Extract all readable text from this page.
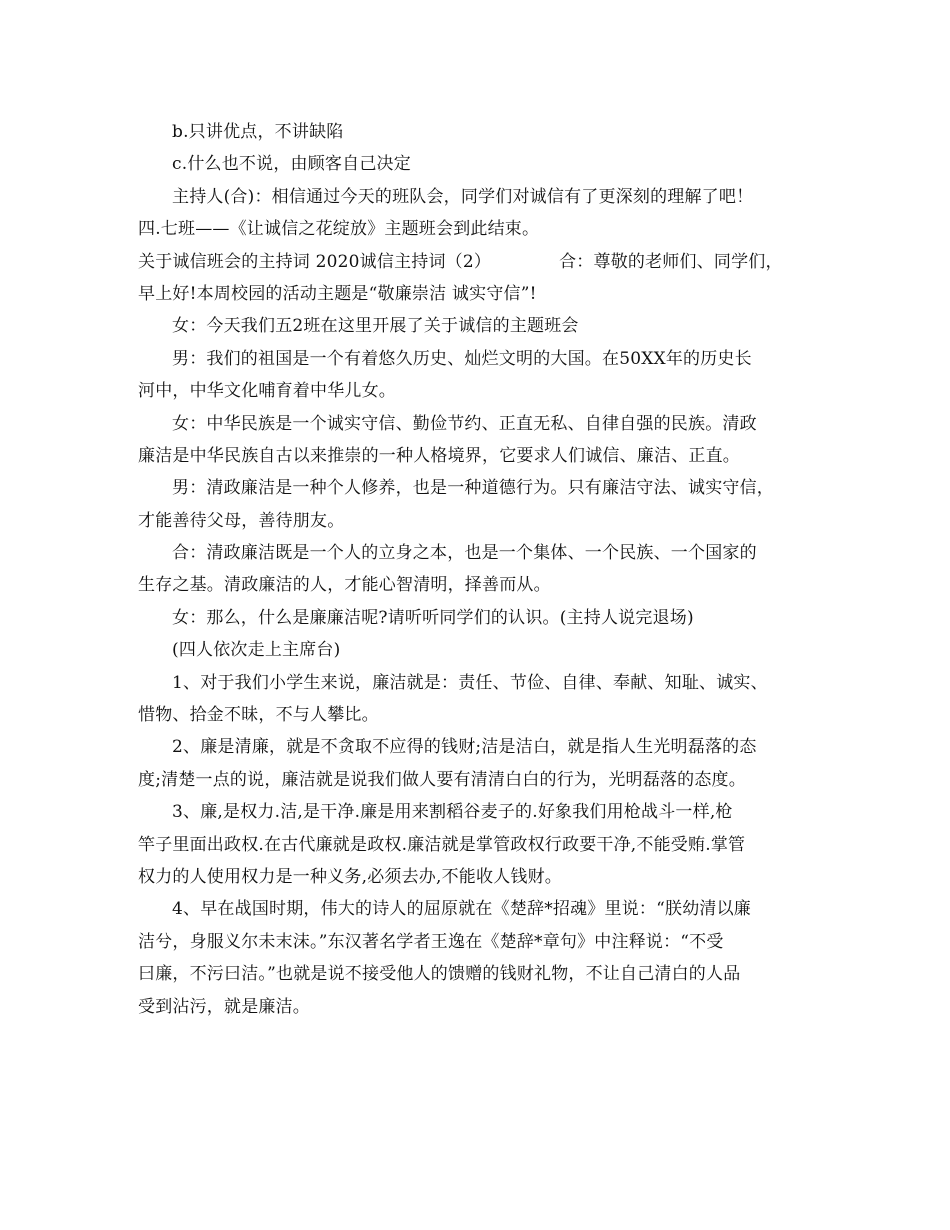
b.只讲优点，不讲缺陷
c.什么也不说，由顾客自己决定
主持人(合)：相信通过今天的班队会，同学们对诚信有了更深刻的理解了吧！
四.七班——《让诚信之花绽放》主题班会到此结束。
关于诚信班会的主持词 2020诚信主持词（2）	合：尊敬的老师们、同学们，
早上好!本周校园的活动主题是“敬廉崇洁 诚实守信”!
女：今天我们五2班在这里开展了关于诚信的主题班会
男：我们的祖国是一个有着悠久历史、灿烂文明的大国。在50XX年的历史长
河中，中华文化哺育着中华儿女。
女：中华民族是一个诚实守信、勤俭节约、正直无私、自律自强的民族。清政
廉洁是中华民族自古以来推崇的一种人格境界，它要求人们诚信、廉洁、正直。
男：清政廉洁是一种个人修养，也是一种道德行为。只有廉洁守法、诚实守信，
才能善待父母，善待朋友。
合：清政廉洁既是一个人的立身之本，也是一个集体、一个民族、一个国家的
生存之基。清政廉洁的人，才能心智清明，择善而从。
女：那么，什么是廉廉洁呢?请听听同学们的认识。(主持人说完退场)
(四人依次走上主席台)
1、对于我们小学生来说，廉洁就是：责任、节俭、自律、奉献、知耻、诚实、
惜物、拾金不昧，不与人攀比。
2、廉是清廉，就是不贪取不应得的钱财;洁是洁白，就是指人生光明磊落的态
度;清楚一点的说，廉洁就是说我们做人要有清清白白的行为，光明磊落的态度。
3、廉,是权力.洁,是干净.廉是用来割稻谷麦子的.好象我们用枪战斗一样,枪
竿子里面出政权.在古代廉就是政权.廉洁就是掌管政权行政要干净,不能受贿.掌管
权力的人使用权力是一种义务,必须去办,不能收人钱财。
4、早在战国时期，伟大的诗人的屈原就在《楚辞*招魂》里说：“朕幼清以廉
洁兮，身服义尔未末沫。”东汉著名学者王逸在《楚辞*章句》中注释说：“不受
曰廉，不污曰洁。”也就是说不接受他人的馈赠的钱财礼物，不让自己清白的人品
受到沾污，就是廉洁。
